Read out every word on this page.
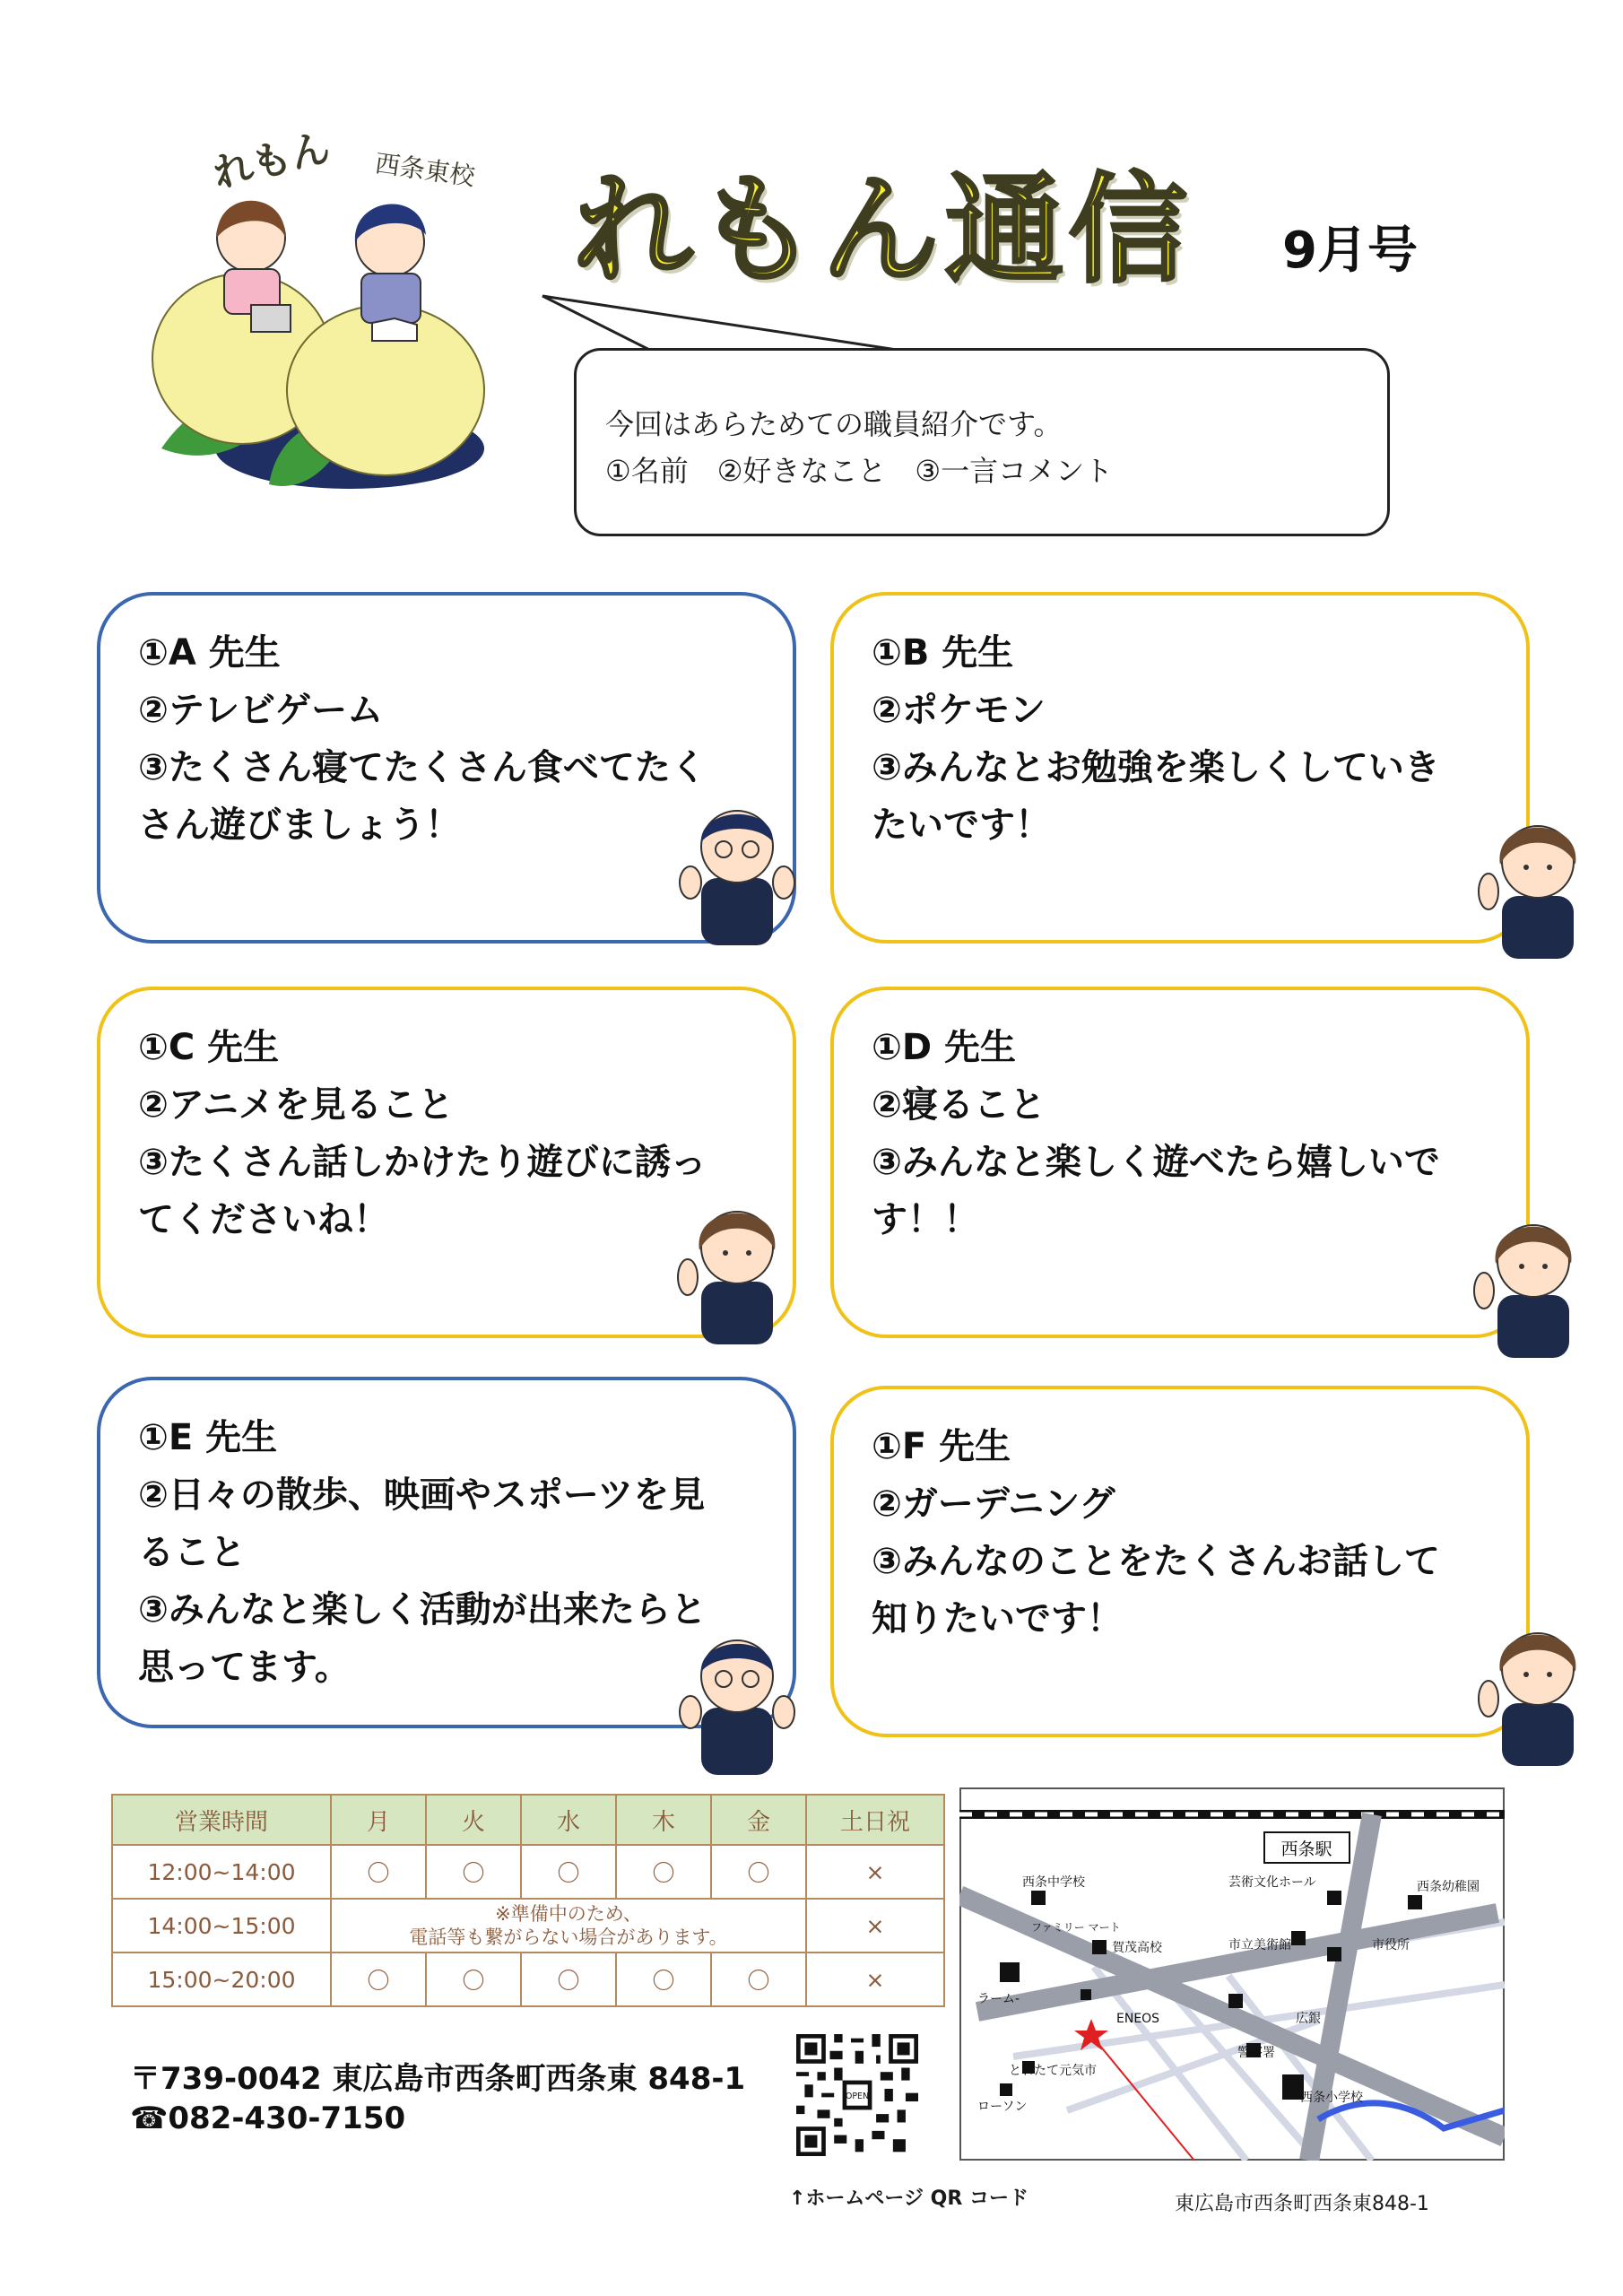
れもん 西条東校 れもん通信 9月号
今回はあらためての職員紹介です。
①名前　②好きなこと　③一言コメント
①A 先生
②テレビゲーム
③たくさん寝てたくさん食べてたく
さん遊びましょう！
①B 先生
②ポケモン
③みんなとお勉強を楽しくしていき
たいです！
①C 先生
②アニメを見ること
③たくさん話しかけたり遊びに誘っ
てくださいね！
①D 先生
②寝ること
③みんなと楽しく遊べたら嬉しいで
す！！
①E 先生
②日々の散歩、映画やスポーツを見
ること
③みんなと楽しく活動が出来たらと
思ってます。
①F 先生
②ガーデニング
③みんなのことをたくさんお話して
知りたいです！
営業時間	月	火	水	木	金	土日祝
12:00~14:00	〇	〇	〇	〇	〇	×
14:00~15:00	※準備中のため、
電話等も繋がらない場合があります。					×
15:00~20:00	〇	〇	〇	〇	〇	×
〒739-0042 東広島市西条町西条東 848-1
☎082-430-7150
OPEN
↑ホームページ QR コード
西条駅
西条中学校	芸術文化ホール	西条幼稚園
ファミリー マート
賀茂高校	市立美術館	市役所
ラーム-
ENEOS	広銀
警察署
とれたて元気市
西条小学校
ローソン
東広島市西条町西条東848-1
